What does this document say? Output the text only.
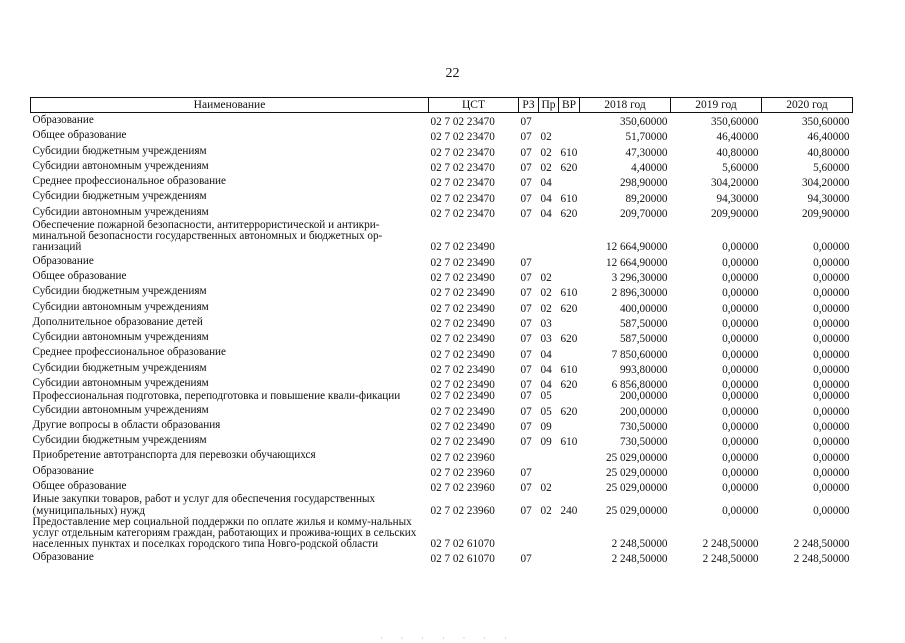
22
Наименование	ЦСТ	РЗ	Пр	ВР	2018 год	2019 год	2020 год
Образование	02 7 02 23470	07			350,60000	350,60000	350,60000
Общее образование	02 7 02 23470	07	02		51,70000	46,40000	46,40000
Субсидии бюджетным учреждениям	02 7 02 23470	07	02	610	47,30000	40,80000	40,80000
Субсидии автономным учреждениям	02 7 02 23470	07	02	620	4,40000	5,60000	5,60000
Среднее профессиональное образование	02 7 02 23470	07	04		298,90000	304,20000	304,20000
Субсидии бюджетным учреждениям	02 7 02 23470	07	04	610	89,20000	94,30000	94,30000
Субсидии автономным учреждениям	02 7 02 23470	07	04	620	209,70000	209,90000	209,90000
Обеспечение пожарной безопасности, антитеррористической и антикри-миналъной безопасности государственных автономных и бюджетных ор-ганизаций	02 7 02 23490				12 664,90000	0,00000	0,00000
Образование	02 7 02 23490	07			12 664,90000	0,00000	0,00000
Общее образование	02 7 02 23490	07	02		3 296,30000	0,00000	0,00000
Субсидии бюджетным учреждениям	02 7 02 23490	07	02	610	2 896,30000	0,00000	0,00000
Субсидии автономным учреждениям	02 7 02 23490	07	02	620	400,00000	0,00000	0,00000
Дополнительное образование детей	02 7 02 23490	07	03		587,50000	0,00000	0,00000
Субсидии автономным учреждениям	02 7 02 23490	07	03	620	587,50000	0,00000	0,00000
Среднее профессиональное образование	02 7 02 23490	07	04		7 850,60000	0,00000	0,00000
Субсидии бюджетным учреждениям	02 7 02 23490	07	04	610	993,80000	0,00000	0,00000
Субсидии автономным учреждениям	02 7 02 23490	07	04	620	6 856,80000	0,00000	0,00000
Профессиональная подготовка, переподготовка и повышение квали-фикации	02 7 02 23490	07	05		200,00000	0,00000	0,00000
Субсидии автономным учреждениям	02 7 02 23490	07	05	620	200,00000	0,00000	0,00000
Другие вопросы в области образования	02 7 02 23490	07	09		730,50000	0,00000	0,00000
Субсидии бюджетным учреждениям	02 7 02 23490	07	09	610	730,50000	0,00000	0,00000
Приобретение автотранспорта для перевозки обучающихся	02 7 02 23960				25 029,00000	0,00000	0,00000
Образование	02 7 02 23960	07			25 029,00000	0,00000	0,00000
Общее образование	02 7 02 23960	07	02		25 029,00000	0,00000	0,00000
Иные закупки товаров, работ и услуг для обеспечения государственных (муниципальных) нужд	02 7 02 23960	07	02	240	25 029,00000	0,00000	0,00000
Предоставление мер социальной поддержки по оплате жилья и комму-нальных услуг отдельным категориям граждан, работающих и прожива-ющих в сельских населенных пунктах и поселках городского типа Новго-родской области	02 7 02 61070				2 248,50000	2 248,50000	2 248,50000
Образование	02 7 02 61070	07			2 248,50000	2 248,50000	2 248,50000
·······
